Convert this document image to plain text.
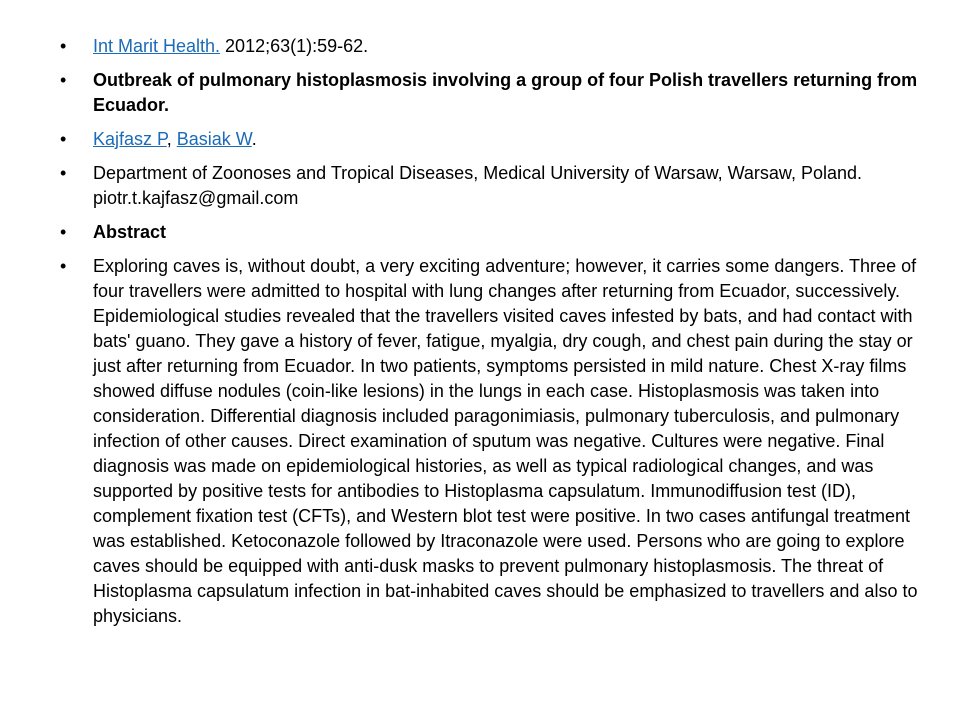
•	Int Marit Health. 2012;63(1):59-62.
•	Outbreak of pulmonary histoplasmosis involving a group of four Polish travellers returning from Ecuador.
•	Kajfasz P, Basiak W.
•	Department of Zoonoses and Tropical Diseases, Medical University of Warsaw, Warsaw, Poland. piotr.t.kajfasz@gmail.com
•	Abstract
•	Exploring caves is, without doubt, a very exciting adventure; however, it carries some dangers. Three of four travellers were admitted to hospital with lung changes after returning from Ecuador, successively. Epidemiological studies revealed that the travellers visited caves infested by bats, and had contact with bats' guano. They gave a history of fever, fatigue, myalgia, dry cough, and chest pain during the stay or just after returning from Ecuador. In two patients, symptoms persisted in mild nature. Chest X-ray films showed diffuse nodules (coin-like lesions) in the lungs in each case. Histoplasmosis was taken into consideration. Differential diagnosis included paragonimiasis, pulmonary tuberculosis, and pulmonary infection of other causes. Direct examination of sputum was negative. Cultures were negative. Final diagnosis was made on epidemiological histories, as well as typical radiological changes, and was supported by positive tests for antibodies to Histoplasma capsulatum. Immunodiffusion test (ID), complement fixation test (CFTs), and Western blot test were positive. In two cases antifungal treatment was established. Ketoconazole followed by Itraconazole were used. Persons who are going to explore caves should be equipped with anti-dusk masks to prevent pulmonary histoplasmosis. The threat of Histoplasma capsulatum infection in bat-inhabited caves should be emphasized to travellers and also to physicians.
